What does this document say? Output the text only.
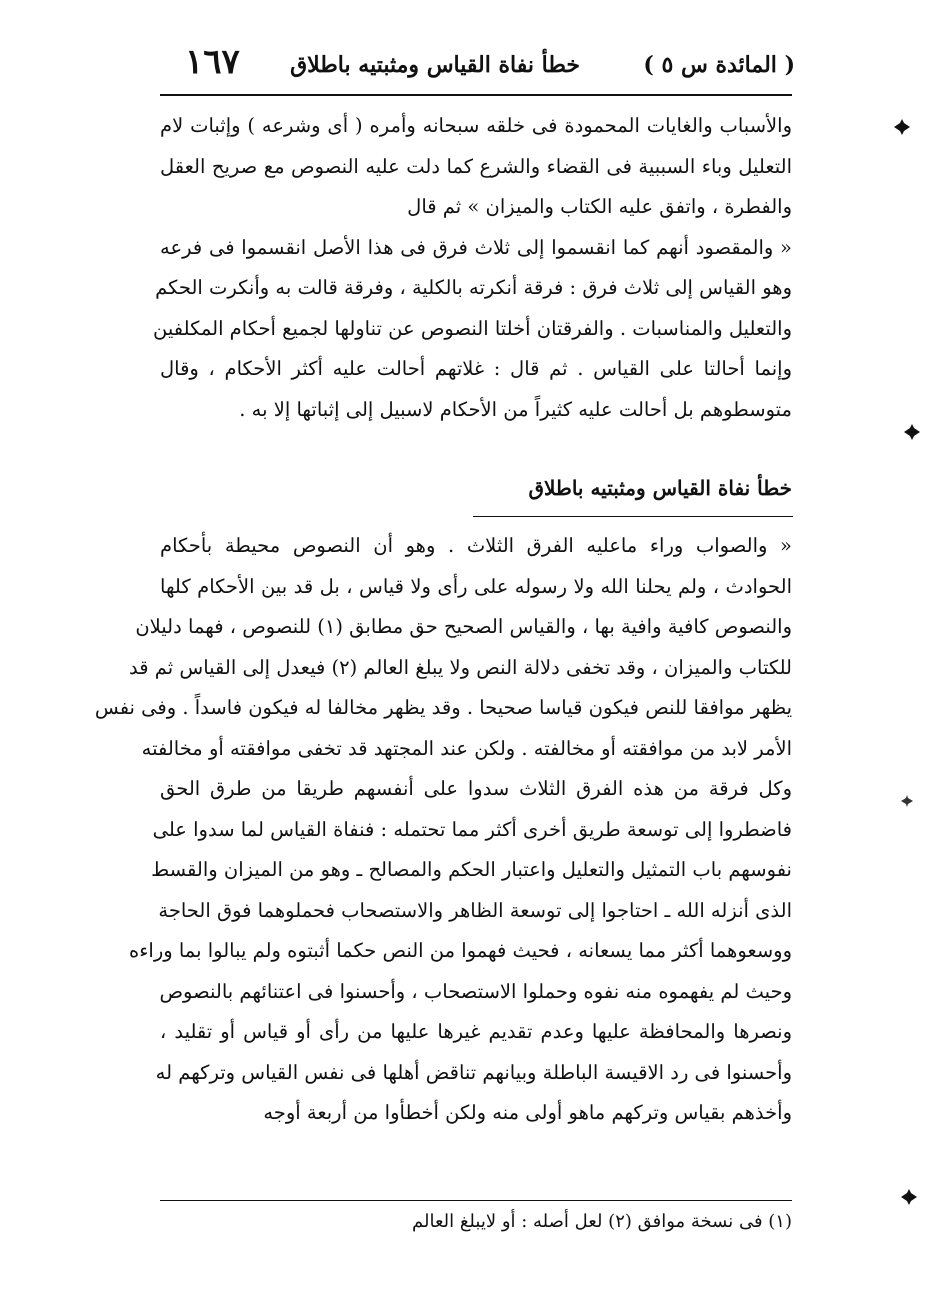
( المائدة س ٥ )
خطأ نفاة القياس ومثبتيه باطلاق
١٦٧
والأسباب والغايات المحمودة فى خلقه سبحانه وأمره ( أى وشرعه ) وإثبات لام
التعليل وباء السببية فى القضاء والشرع كما دلت عليه النصوص مع صريح العقل
والفطرة ، واتفق عليه الكتاب والميزان » ثم قال
« والمقصود أنهم كما انقسموا إلى ثلاث فرق فى هذا الأصل انقسموا فى فرعه
وهو القياس إلى ثلاث فرق : فرقة أنكرته بالكلية ، وفرقة قالت به وأنكرت الحكم
والتعليل والمناسبات . والفرقتان أخلتا النصوص عن تناولها لجميع أحكام المكلفين
وإنما أحالتا على القياس . ثم قال : غلاتهم أحالت عليه أكثر الأحكام ، وقال
متوسطوهم بل أحالت عليه كثيراً من الأحكام لاسبيل إلى إثباتها إلا به .
خطأ نفاة القياس ومثبتيه باطلاق
« والصواب وراء ماعليه الفرق الثلاث . وهو أن النصوص محيطة بأحكام
الحوادث ، ولم يحلنا الله ولا رسوله على رأى ولا قياس ، بل قد بين الأحكام كلها
والنصوص كافية وافية بها ، والقياس الصحيح حق مطابق (١) للنصوص ، فهما دليلان
للكتاب والميزان ، وقد تخفى دلالة النص ولا يبلغ العالم (٢) فيعدل إلى القياس ثم قد
يظهر موافقا للنص فيكون قياسا صحيحا . وقد يظهر مخالفا له فيكون فاسداً . وفى نفس
الأمر لابد من موافقته أو مخالفته . ولكن عند المجتهد قد تخفى موافقته أو مخالفته
وكل فرقة من هذه الفرق الثلاث سدوا على أنفسهم طريقا من طرق الحق
فاضطروا إلى توسعة طريق أخرى أكثر مما تحتمله : فنفاة القياس لما سدوا على
نفوسهم باب التمثيل والتعليل واعتبار الحكم والمصالح ـ وهو من الميزان والقسط
الذى أنزله الله ـ احتاجوا إلى توسعة الظاهر والاستصحاب فحملوهما فوق الحاجة
ووسعوهما أكثر مما يسعانه ، فحيث فهموا من النص حكما أثبتوه ولم يبالوا بما وراءه
وحيث لم يفهموه منه نفوه وحملوا الاستصحاب ، وأحسنوا فى اعتنائهم بالنصوص
ونصرها والمحافظة عليها وعدم تقديم غيرها عليها من رأى أو قياس أو تقليد ،
وأحسنوا فى رد الاقيسة الباطلة وبيانهم تناقض أهلها فى نفس القياس وتركهم له
وأخذهم بقياس وتركهم ماهو أولى منه ولكن أخطأوا من أربعة أوجه
(١) فى نسخة موافق (٢) لعل أصله : أو لايبلغ العالم
